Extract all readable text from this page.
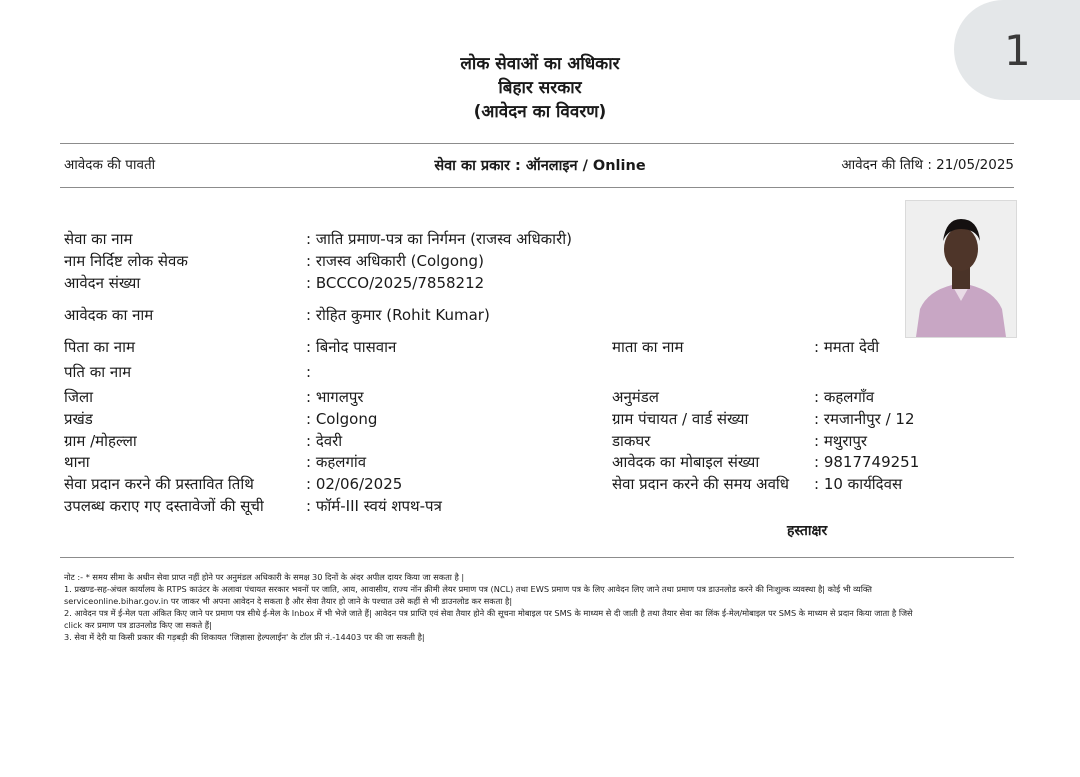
1
लोक सेवाओं का अधिकार
बिहार सरकार
(आवेदन का विवरण)
आवेदक की पावती	सेवा का प्रकार : ऑनलाइन / Online	आवेदन की तिथि : 21/05/2025
सेवा का नाम	: जाति प्रमाण-पत्र का निर्गमन (राजस्व अधिकारी)
नाम निर्दिष्ट लोक सेवक	: राजस्व अधिकारी (Colgong)
आवेदन संख्या	: BCCCO/2025/7858212
आवेदक का नाम	: रोहित कुमार (Rohit Kumar)
पिता का नाम	: बिनोद पासवान	माता का नाम	: ममता देवी
पति का नाम	:
जिला	: भागलपुर	अनुमंडल	: कहलगाँव
प्रखंड	: Colgong	ग्राम पंचायत / वार्ड संख्या	: रमजानीपुर / 12
ग्राम /मोहल्ला	: देवरी	डाकघर	: मथुरापुर
थाना	: कहलगांव	आवेदक का मोबाइल संख्या	: 9817749251
सेवा प्रदान करने की प्रस्तावित तिथि	: 02/06/2025	सेवा प्रदान करने की समय अवधि : 10 कार्यदिवस
उपलब्ध कराए गए दस्तावेजों की सूची	: फॉर्म-III स्वयं शपथ-पत्र
हस्ताक्षर
नोट :- * समय सीमा के अधीन सेवा प्राप्त नहीं होने पर अनुमंडल अधिकारी के समक्ष 30 दिनों के अंदर अपील दायर किया जा सकता है |
1. प्रखण्ड-सह-अंचल कार्यालय के RTPS काउंटर के अलावा पंचायत सरकार भवनों पर जाति, आय, आवासीय, राज्य नॉन क्रीमी लेयर प्रमाण पत्र (NCL) तथा EWS प्रमाण पत्र के लिए आवेदन लिए जाने तथा प्रमाण पत्र डाउनलोड करने की निःशुल्क व्यवस्था है| कोई भी व्यक्ति
serviceonline.bihar.gov.in पर जाकर भी अपना आवेदन दे सकता है और सेवा तैयार हो जाने के पश्चात उसे कहीं से भी डाउनलोड कर सकता है|
2. आवेदन पत्र में ई-मेल पता अंकित किए जाने पर प्रमाण पत्र सीधे ई-मेल के Inbox में भी भेजे जाते हैं| आवेदन पत्र प्राप्ति एवं सेवा तैयार होने की सूचना मोबाइल पर SMS के माध्यम से दी जाती है तथा तैयार सेवा का लिंक ई-मेल/मोबाइल पर SMS के माध्यम से प्रदान किया जाता है जिसे
click कर प्रमाण पत्र डाउनलोड किए जा सकते हैं|
3. सेवा में देरी या किसी प्रकार की गड़बड़ी की शिकायत 'जिज्ञासा हेल्पलाईन' के टॉल फ्री नं.-14403 पर की जा सकती है|
